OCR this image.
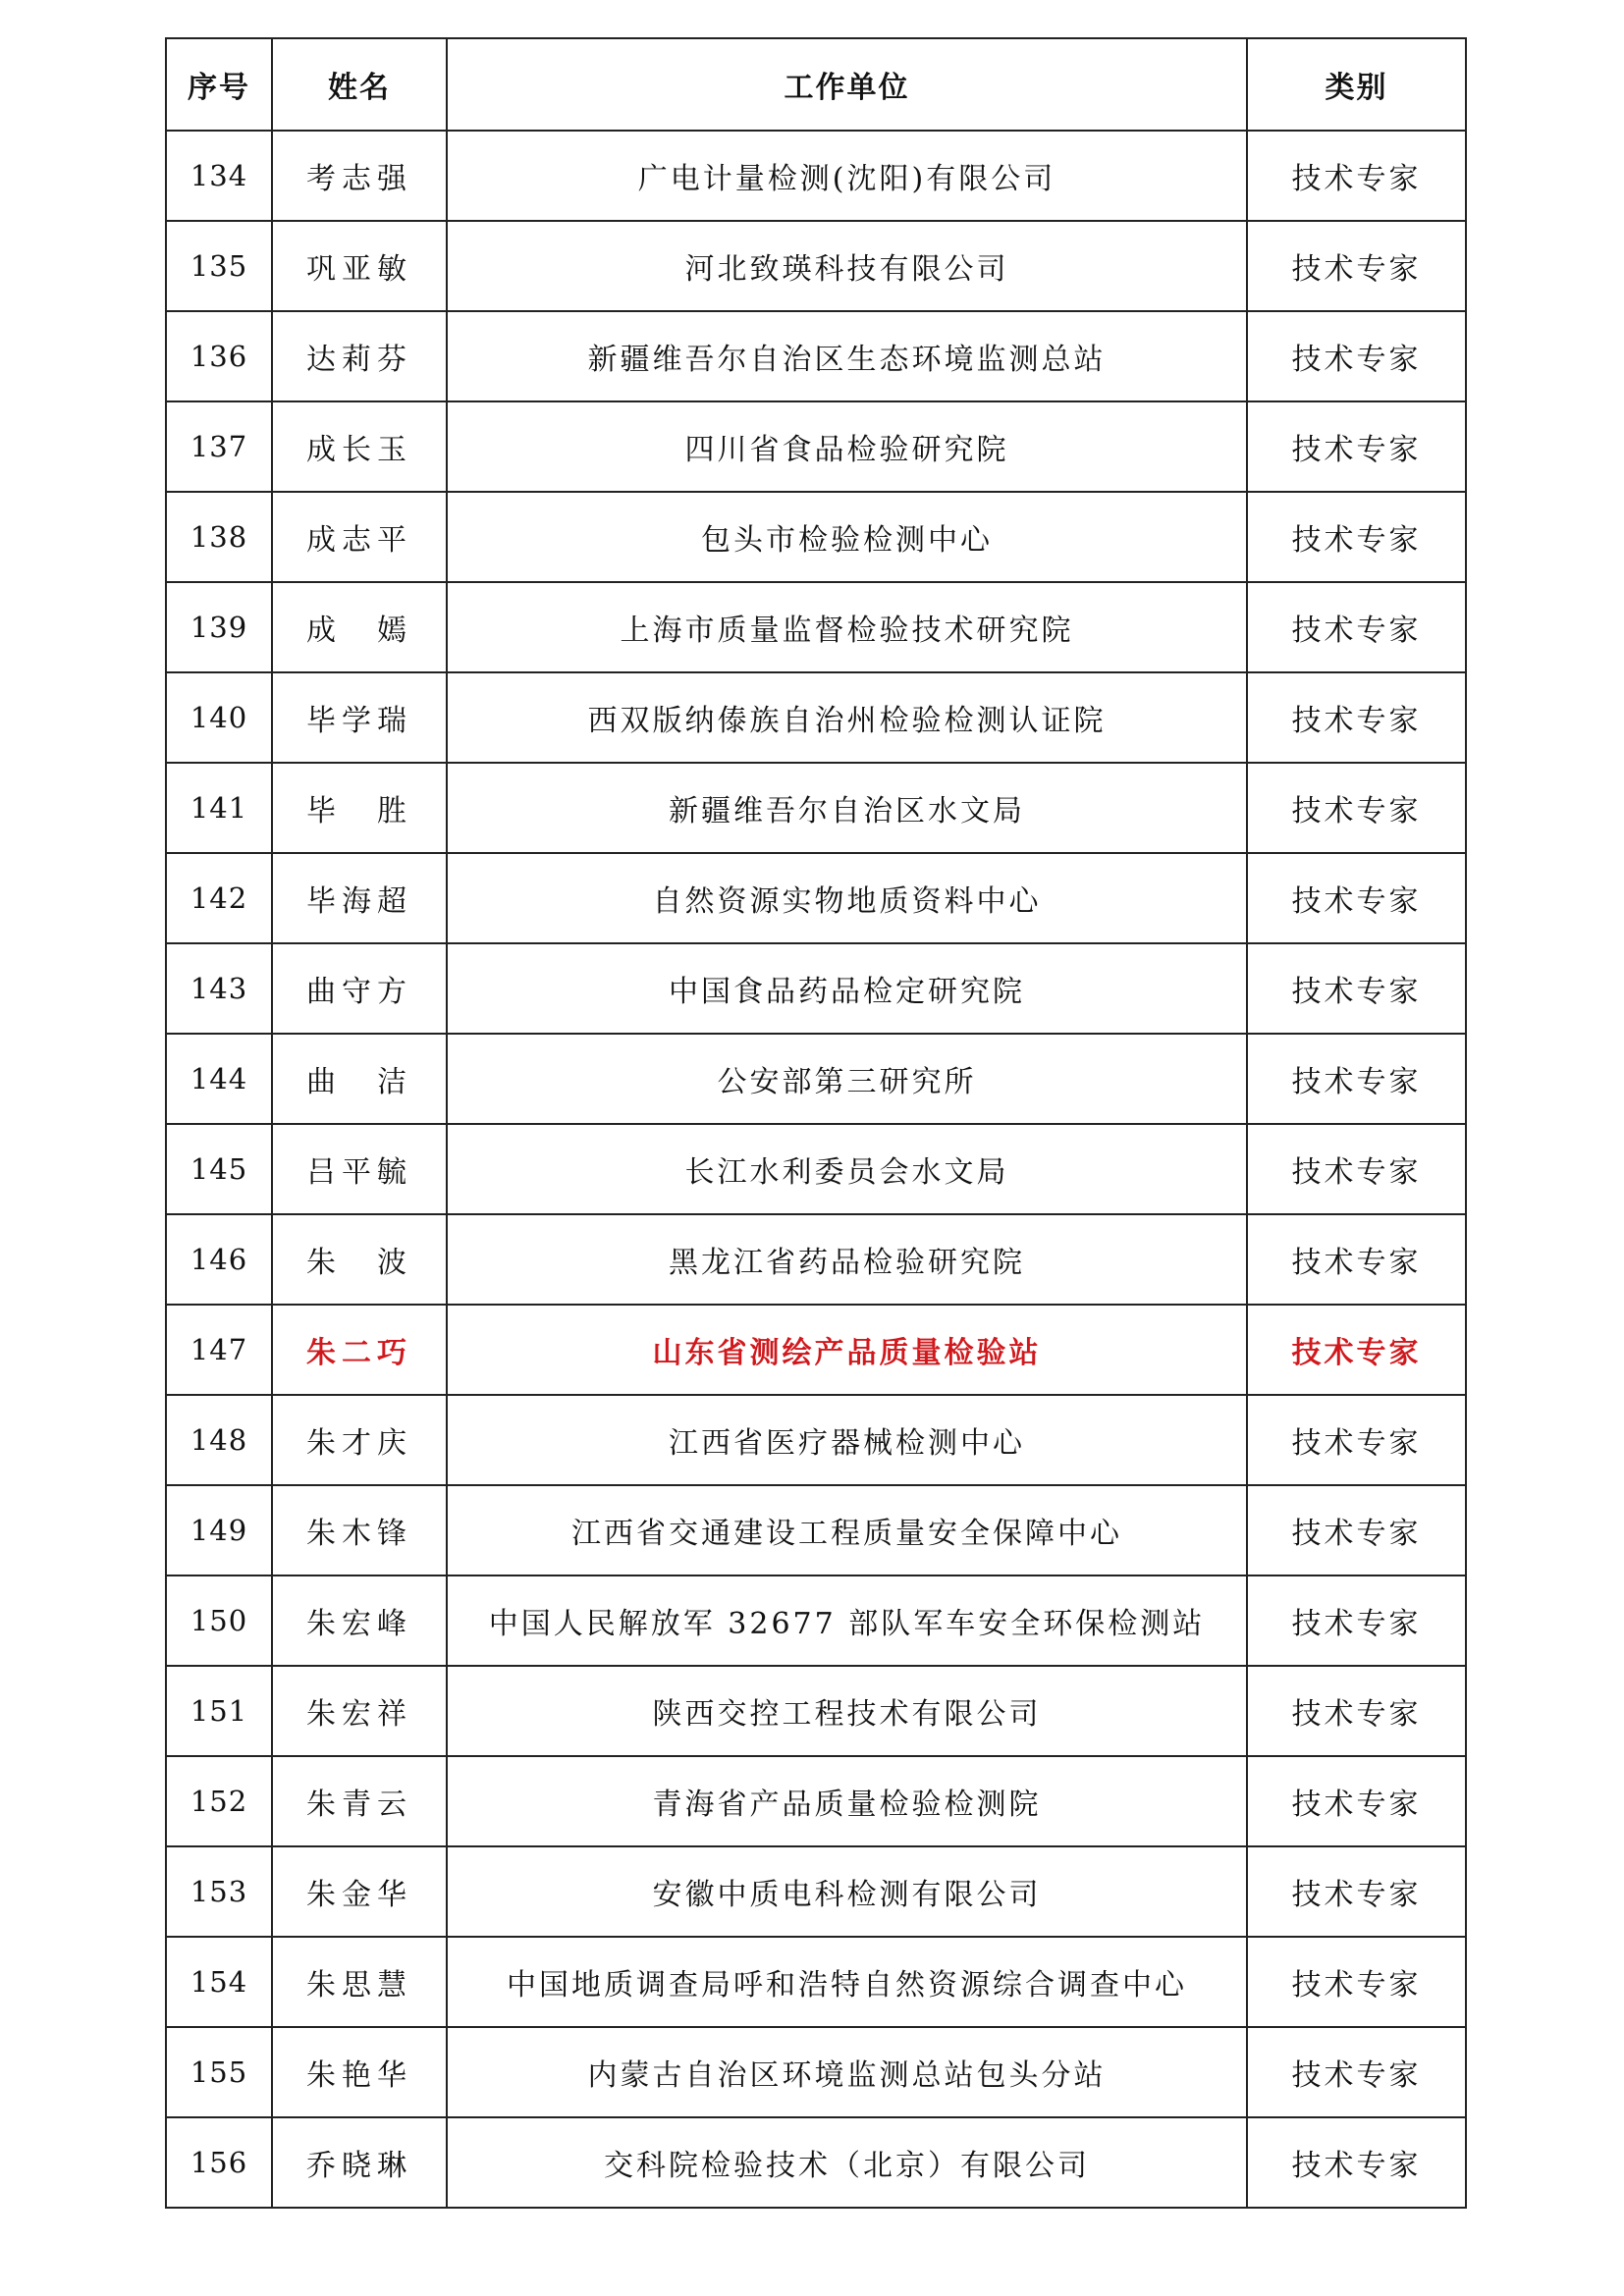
序号	姓名	工作单位	类别
134	考志强	广电计量检测(沈阳)有限公司	技术专家
135	巩亚敏	河北致瑛科技有限公司	技术专家
136	达莉芬	新疆维吾尔自治区生态环境监测总站	技术专家
137	成长玉	四川省食品检验研究院	技术专家
138	成志平	包头市检验检测中心	技术专家
139	成　嫣	上海市质量监督检验技术研究院	技术专家
140	毕学瑞	西双版纳傣族自治州检验检测认证院	技术专家
141	毕　胜	新疆维吾尔自治区水文局	技术专家
142	毕海超	自然资源实物地质资料中心	技术专家
143	曲守方	中国食品药品检定研究院	技术专家
144	曲　洁	公安部第三研究所	技术专家
145	吕平毓	长江水利委员会水文局	技术专家
146	朱　波	黑龙江省药品检验研究院	技术专家
147	朱二巧	山东省测绘产品质量检验站	技术专家
148	朱才庆	江西省医疗器械检测中心	技术专家
149	朱木锋	江西省交通建设工程质量安全保障中心	技术专家
150	朱宏峰	中国人民解放军 32677 部队军车安全环保检测站	技术专家
151	朱宏祥	陕西交控工程技术有限公司	技术专家
152	朱青云	青海省产品质量检验检测院	技术专家
153	朱金华	安徽中质电科检测有限公司	技术专家
154	朱思慧	中国地质调查局呼和浩特自然资源综合调查中心	技术专家
155	朱艳华	内蒙古自治区环境监测总站包头分站	技术专家
156	乔晓琳	交科院检验技术（北京）有限公司	技术专家
